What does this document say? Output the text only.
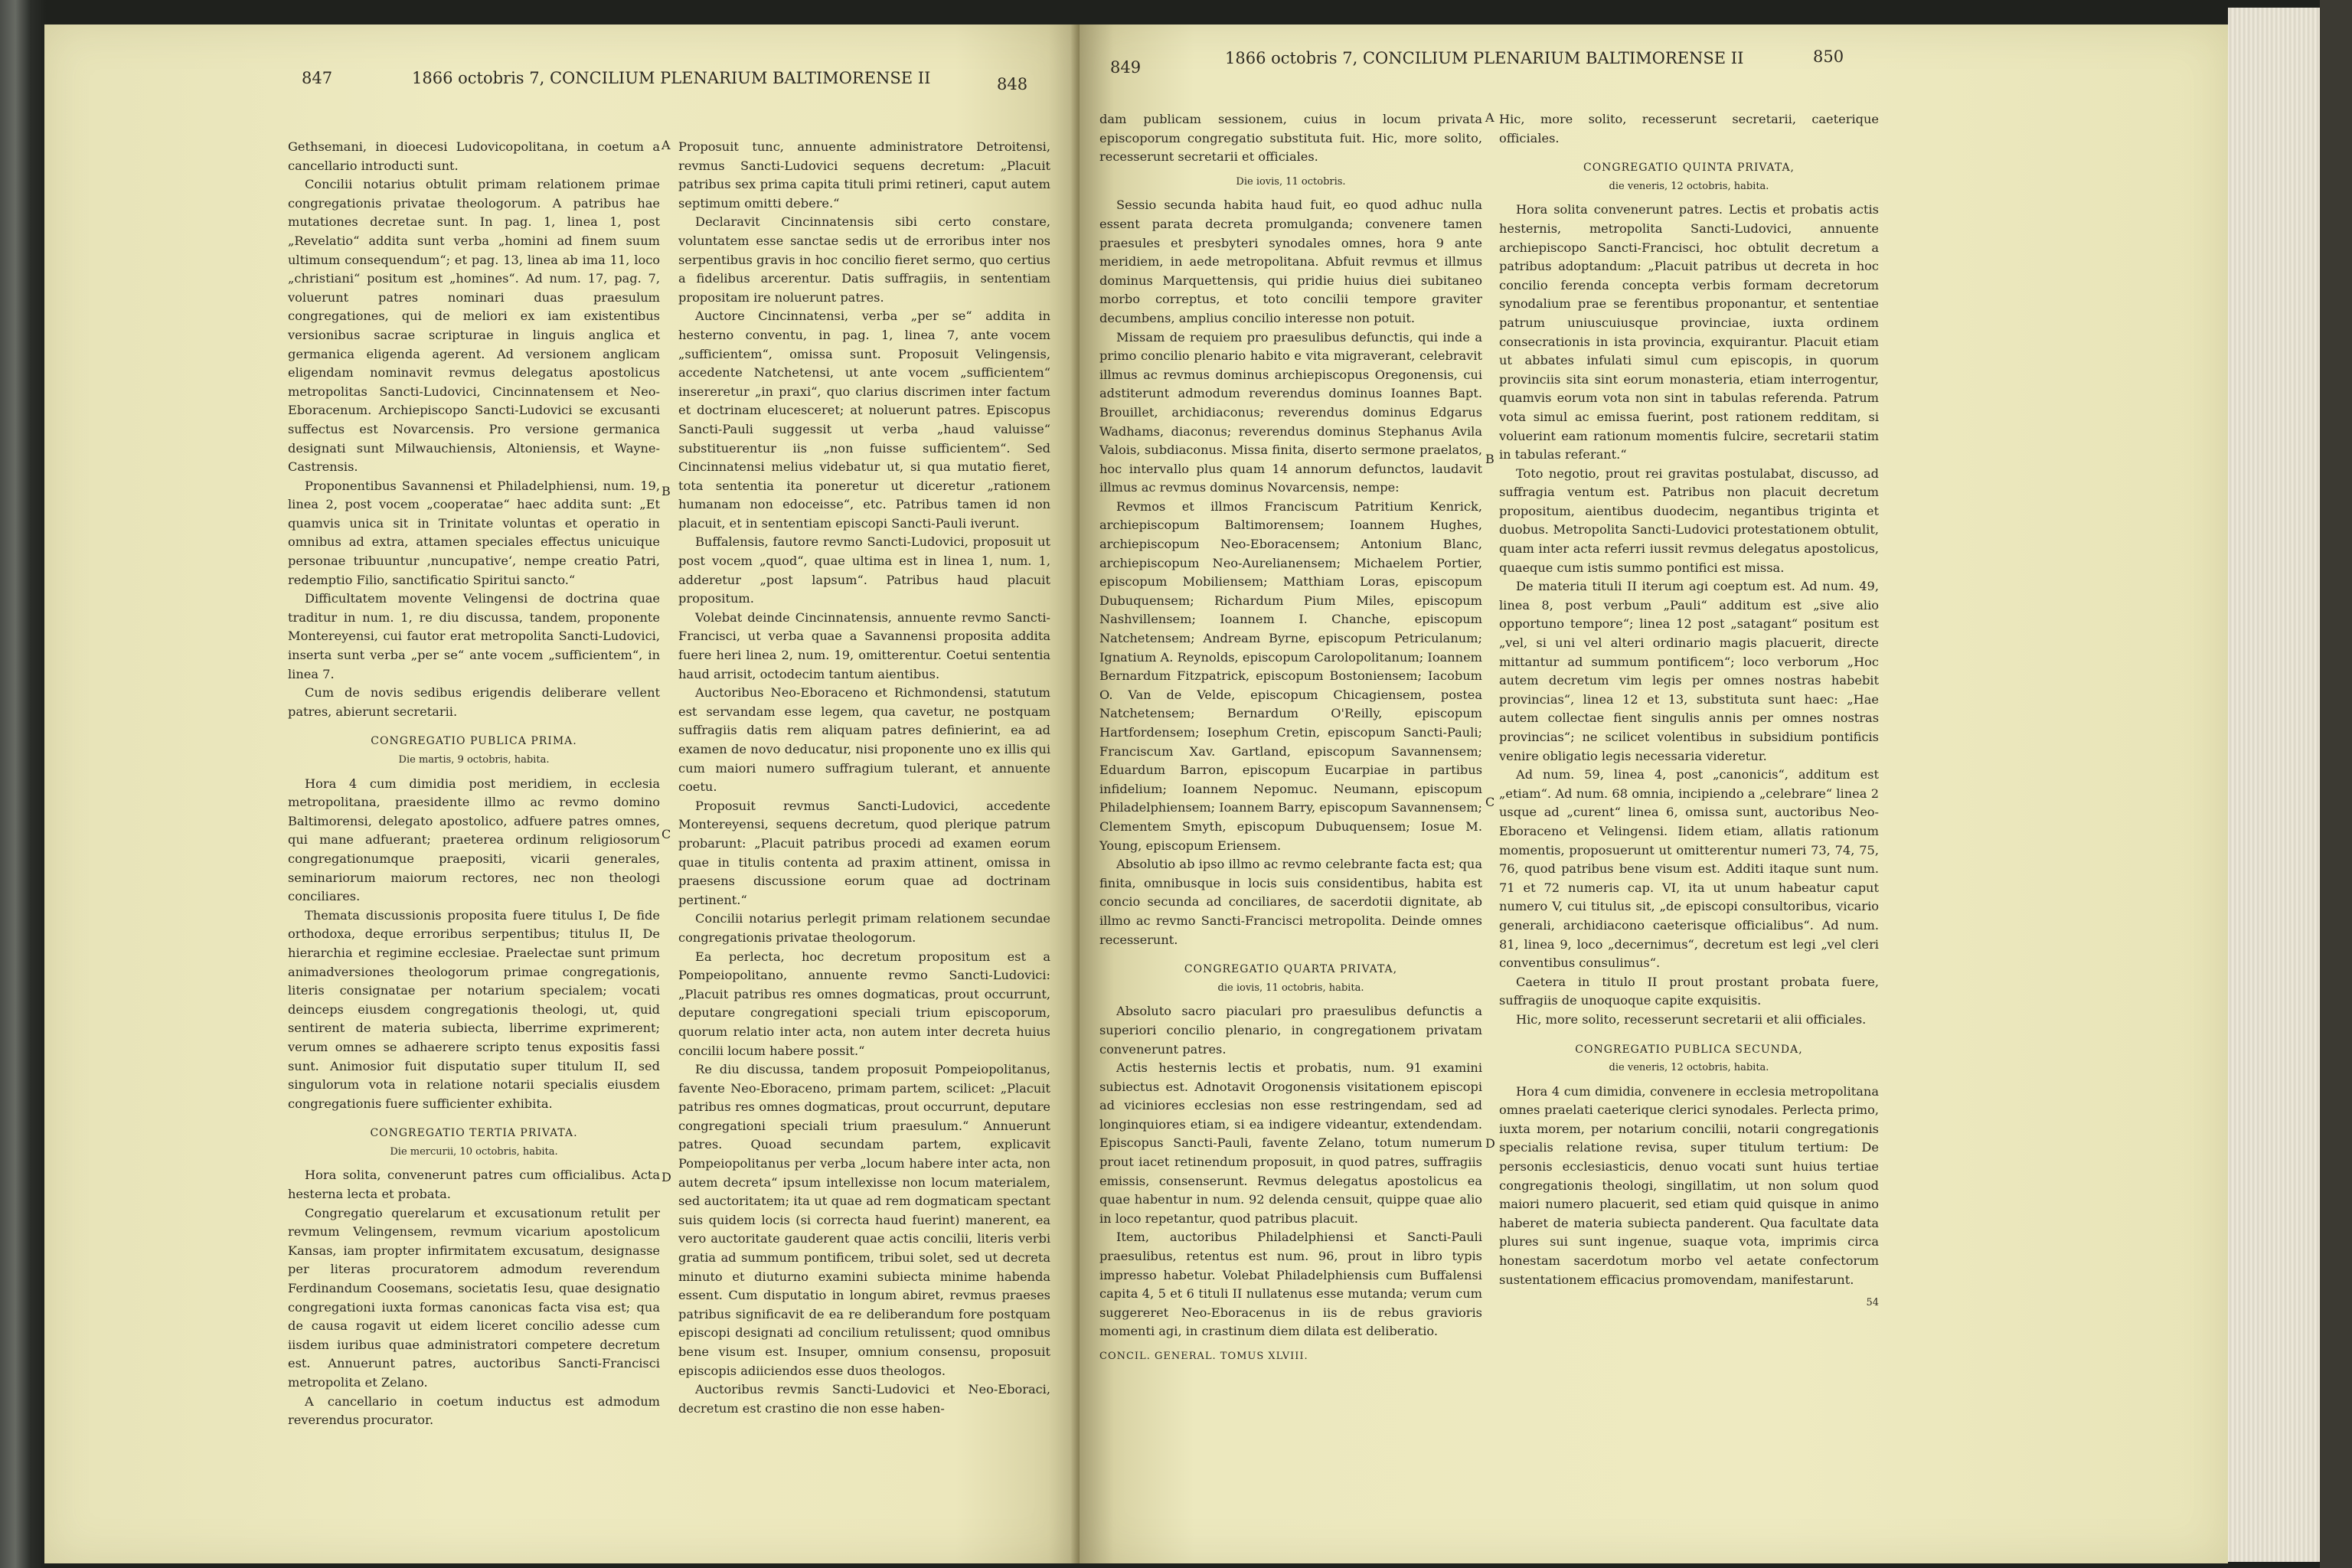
847	1866 octobris 7, CONCILIUM PLENARIUM BALTIMORENSE II	848

Gethsemani, in dioecesi Ludovicopolitana, in coetum a cancellario introducti sunt.

Concilii notarius obtulit primam relationem primae congregationis privatae theologorum. A patribus hae mutationes decretae sunt. In pag. 1, linea 1, post „Revelatio“ addita sunt verba „homini ad finem suum ultimum consequendum“; et pag. 13, linea ab ima 11, loco „christiani“ positum est „homines“. Ad num. 17, pag. 7, voluerunt patres nominari duas praesulum congregationes, qui de meliori ex iam existentibus versionibus sacrae scripturae in linguis anglica et germanica eligenda agerent. Ad versionem anglicam eligendam nominavit revmus delegatus apostolicus metropolitas Sancti-Ludovici, Cincinnatensem et Neo-Eboracenum. Archiepiscopo Sancti-Ludovici se excusanti suffectus est Novarcensis. Pro versione germanica designati sunt Milwauchiensis, Altoniensis, et Wayne-Castrensis.

Proponentibus Savannensi et Philadelphiensi, num. 19, linea 2, post vocem „cooperatae“ haec addita sunt: „Et quamvis unica sit in Trinitate voluntas et operatio in omnibus ad extra, attamen speciales effectus unicuique personae tribuuntur ‚nuncupative‘, nempe creatio Patri, redemptio Filio, sanctificatio Spiritui sancto.“

Difficultatem movente Velingensi de doctrina quae traditur in num. 1, re diu discussa, tandem, proponente Montereyensi, cui fautor erat metropolita Sancti-Ludovici, inserta sunt verba „per se“ ante vocem „sufficientem“, in linea 7.

Cum de novis sedibus erigendis deliberare vellent patres, abierunt secretarii.

CONGREGATIO PUBLICA PRIMA.
Die martis, 9 octobris, habita.

Hora 4 cum dimidia post meridiem, in ecclesia metropolitana, praesidente illmo ac revmo domino Baltimorensi, delegato apostolico, adfuere patres omnes, qui mane adfuerant; praeterea ordinum religiosorum congregationumque praepositi, vicarii generales, seminariorum maiorum rectores, nec non theologi conciliares.

Themata discussionis proposita fuere titulus I, De fide orthodoxa, deque erroribus serpentibus; titulus II, De hierarchia et regimine ecclesiae. Praelectae sunt primum animadversiones theologorum primae congregationis, literis consignatae per notarium specialem; vocati deinceps eiusdem congregationis theologi, ut, quid sentirent de materia subiecta, liberrime exprimerent; verum omnes se adhaerere scripto tenus expositis fassi sunt. Animosior fuit disputatio super titulum II, sed singulorum vota in relatione notarii specialis eiusdem congregationis fuere sufficienter exhibita.

CONGREGATIO TERTIA PRIVATA.
Die mercurii, 10 octobris, habita.

Hora solita, convenerunt patres cum officialibus. Acta hesterna lecta et probata.

Congregatio querelarum et excusationum retulit per revmum Velingensem, revmum vicarium apostolicum Kansas, iam propter infirmitatem excusatum, designasse per literas procuratorem admodum reverendum Ferdinandum Coosemans, societatis Iesu, quae designatio congregationi iuxta formas canonicas facta visa est; qua de causa rogavit ut eidem liceret concilio adesse cum iisdem iuribus quae administratori competere decretum est. Annuerunt patres, auctoribus Sancti-Francisci metropolita et Zelano.

A cancellario in coetum inductus est admodum reverendus procurator.

Proposuit tunc, annuente administratore Detroitensi, revmus Sancti-Ludovici sequens decretum: „Placuit patribus sex prima capita tituli primi retineri, caput autem septimum omitti debere.“

Declaravit Cincinnatensis sibi certo constare, voluntatem esse sanctae sedis ut de erroribus inter nos serpentibus gravis in hoc concilio fieret sermo, quo certius a fidelibus arcerentur. Datis suffragiis, in sententiam propositam ire noluerunt patres.

Auctore Cincinnatensi, verba „per se“ addita in hesterno conventu, in pag. 1, linea 7, ante vocem „sufficientem“, omissa sunt. Proposuit Velingensis, accedente Natchetensi, ut ante vocem „sufficientem“ insereretur „in praxi“, quo clarius discrimen inter factum et doctrinam elucesceret; at noluerunt patres. Episcopus Sancti-Pauli suggessit ut verba „haud valuisse“ substituerentur iis „non fuisse sufficientem“. Sed Cincinnatensi melius videbatur ut, si qua mutatio fieret, tota sententia ita poneretur ut diceretur „rationem humanam non edoceisse“, etc. Patribus tamen id non placuit, et in sententiam episcopi Sancti-Pauli iverunt.

Buffalensis, fautore revmo Sancti-Ludovici, proposuit ut post vocem „quod“, quae ultima est in linea 1, num. 1, adderetur „post lapsum“. Patribus haud placuit propositum.

Volebat deinde Cincinnatensis, annuente revmo Sancti-Francisci, ut verba quae a Savannensi proposita addita fuere heri linea 2, num. 19, omitterentur. Coetui sententia haud arrisit, octodecim tantum aientibus.

Auctoribus Neo-Eboraceno et Richmondensi, statutum est servandam esse legem, qua cavetur, ne postquam suffragiis datis rem aliquam patres definierint, ea ad examen de novo deducatur, nisi proponente uno ex illis qui cum maiori numero suffragium tulerant, et annuente coetu.

Proposuit revmus Sancti-Ludovici, accedente Montereyensi, sequens decretum, quod plerique patrum probarunt: „Placuit patribus procedi ad examen eorum quae in titulis contenta ad praxim attinent, omissa in praesens discussione eorum quae ad doctrinam pertinent.“

Concilii notarius perlegit primam relationem secundae congregationis privatae theologorum.

Ea perlecta, hoc decretum propositum est a Pompeiopolitano, annuente revmo Sancti-Ludovici: „Placuit patribus res omnes dogmaticas, prout occurrunt, deputare congregationi speciali trium episcoporum, quorum relatio inter acta, non autem inter decreta huius concilii locum habere possit.“

Re diu discussa, tandem proposuit Pompeiopolitanus, favente Neo-Eboraceno, primam partem, scilicet: „Placuit patribus res omnes dogmaticas, prout occurrunt, deputare congregationi speciali trium praesulum.“ Annuerunt patres. Quoad secundam partem, explicavit Pompeiopolitanus per verba „locum habere inter acta, non autem decreta“ ipsum intellexisse non locum materialem, sed auctoritatem; ita ut quae ad rem dogmaticam spectant suis quidem locis (si correcta haud fuerint) manerent, ea vero auctoritate gauderent quae actis concilii, literis verbi gratia ad summum pontificem, tribui solet, sed ut decreta minuto et diuturno examini subiecta minime habenda essent. Cum disputatio in longum abiret, revmus praeses patribus significavit de ea re deliberandum fore postquam episcopi designati ad concilium retulissent; quod omnibus bene visum est. Insuper, omnium consensu, proposuit episcopis adiiciendos esse duos theologos.

Auctoribus revmis Sancti-Ludovici et Neo-Eboraci, decretum est crastino die non esse haben-

A
B
C
D
849	1866 octobris 7, CONCILIUM PLENARIUM BALTIMORENSE II	850

dam publicam sessionem, cuius in locum privata episcoporum congregatio substituta fuit. Hic, more solito, recesserunt secretarii et officiales.

Die iovis, 11 octobris.

Sessio secunda habita haud fuit, eo quod adhuc nulla essent parata decreta promulganda; convenere tamen praesules et presbyteri synodales omnes, hora 9 ante meridiem, in aede metropolitana. Abfuit revmus et illmus dominus Marquettensis, qui pridie huius diei subitaneo morbo correptus, et toto concilii tempore graviter decumbens, amplius concilio interesse non potuit.

Missam de requiem pro praesulibus defunctis, qui inde a primo concilio plenario habito e vita migraverant, celebravit illmus ac revmus dominus archiepiscopus Oregonensis, cui adstiterunt admodum reverendus dominus Ioannes Bapt. Brouillet, archidiaconus; reverendus dominus Edgarus Wadhams, diaconus; reverendus dominus Stephanus Avila Valois, subdiaconus. Missa finita, diserto sermone praelatos, hoc intervallo plus quam 14 annorum defunctos, laudavit illmus ac revmus dominus Novarcensis, nempe:

Revmos et illmos Franciscum Patritium Kenrick, archiepiscopum Baltimorensem; Ioannem Hughes, archiepiscopum Neo-Eboracensem; Antonium Blanc, archiepiscopum Neo-Aurelianensem; Michaelem Portier, episcopum Mobiliensem; Matthiam Loras, episcopum Dubuquensem; Richardum Pium Miles, episcopum Nashvillensem; Ioannem I. Chanche, episcopum Natchetensem; Andream Byrne, episcopum Petriculanum; Ignatium A. Reynolds, episcopum Carolopolitanum; Ioannem Bernardum Fitzpatrick, episcopum Bostoniensem; Iacobum O. Van de Velde, episcopum Chicagiensem, postea Natchetensem; Bernardum O'Reilly, episcopum Hartfordensem; Iosephum Cretin, episcopum Sancti-Pauli; Franciscum Xav. Gartland, episcopum Savannensem; Eduardum Barron, episcopum Eucarpiae in partibus infidelium; Ioannem Nepomuc. Neumann, episcopum Philadelphiensem; Ioannem Barry, episcopum Savannensem; Clementem Smyth, episcopum Dubuquensem; Iosue M. Young, episcopum Eriensem.

Absolutio ab ipso illmo ac revmo celebrante facta est; qua finita, omnibusque in locis suis considentibus, habita est concio secunda ad conciliares, de sacerdotii dignitate, ab illmo ac revmo Sancti-Francisci metropolita. Deinde omnes recesserunt.

CONGREGATIO QUARTA PRIVATA,
die iovis, 11 octobris, habita.

Absoluto sacro piaculari pro praesulibus defunctis a superiori concilio plenario, in congregationem privatam convenerunt patres.

Actis hesternis lectis et probatis, num. 91 examini subiectus est. Adnotavit Orogonensis visitationem episcopi ad viciniores ecclesias non esse restringendam, sed ad longinquiores etiam, si ea indigere videantur, extendendam. Episcopus Sancti-Pauli, favente Zelano, totum numerum prout iacet retinendum proposuit, in quod patres, suffragiis emissis, consenserunt. Revmus delegatus apostolicus ea quae habentur in num. 92 delenda censuit, quippe quae alio in loco repetantur, quod patribus placuit.

Item, auctoribus Philadelphiensi et Sancti-Pauli praesulibus, retentus est num. 96, prout in libro typis impresso habetur. Volebat Philadelphiensis cum Buffalensi capita 4, 5 et 6 tituli II nullatenus esse mutanda; verum cum suggereret Neo-Eboracenus in iis de rebus gravioris momenti agi, in crastinum diem dilata est deliberatio.

CONCIL. GENERAL. TOMUS XLVIII.

Hic, more solito, recesserunt secretarii, caeterique officiales.

CONGREGATIO QUINTA PRIVATA,
die veneris, 12 octobris, habita.

Hora solita convenerunt patres. Lectis et probatis actis hesternis, metropolita Sancti-Ludovici, annuente archiepiscopo Sancti-Francisci, hoc obtulit decretum a patribus adoptandum: „Placuit patribus ut decreta in hoc concilio ferenda concepta verbis formam decretorum synodalium prae se ferentibus proponantur, et sententiae patrum uniuscuiusque provinciae, iuxta ordinem consecrationis in ista provincia, exquirantur. Placuit etiam ut abbates infulati simul cum episcopis, in quorum provinciis sita sint eorum monasteria, etiam interrogentur, quamvis eorum vota non sint in tabulas referenda. Patrum vota simul ac emissa fuerint, post rationem redditam, si voluerint eam rationum momentis fulcire, secretarii statim in tabulas referant.“

Toto negotio, prout rei gravitas postulabat, discusso, ad suffragia ventum est. Patribus non placuit decretum propositum, aientibus duodecim, negantibus triginta et duobus. Metropolita Sancti-Ludovici protestationem obtulit, quam inter acta referri iussit revmus delegatus apostolicus, quaeque cum istis summo pontifici est missa.

De materia tituli II iterum agi coeptum est. Ad num. 49, linea 8, post verbum „Pauli“ additum est „sive alio opportuno tempore“; linea 12 post „satagant“ positum est „vel, si uni vel alteri ordinario magis placuerit, directe mittantur ad summum pontificem“; loco verborum „Hoc autem decretum vim legis per omnes nostras habebit provincias“, linea 12 et 13, substituta sunt haec: „Hae autem collectae fient singulis annis per omnes nostras provincias“; ne scilicet volentibus in subsidium pontificis venire obligatio legis necessaria videretur.

Ad num. 59, linea 4, post „canonicis“, additum est „etiam“. Ad num. 68 omnia, incipiendo a „celebrare“ linea 2 usque ad „curent“ linea 6, omissa sunt, auctoribus Neo-Eboraceno et Velingensi. Iidem etiam, allatis rationum momentis, proposuerunt ut omitterentur numeri 73, 74, 75, 76, quod patribus bene visum est. Additi itaque sunt num. 71 et 72 numeris cap. VI, ita ut unum habeatur caput numero V, cui titulus sit, „de episcopi consultoribus, vicario generali, archidiacono caeterisque officialibus“. Ad num. 81, linea 9, loco „decernimus“, decretum est legi „vel cleri conventibus consulimus“.

Caetera in titulo II prout prostant probata fuere, suffragiis de unoquoque capite exquisitis.

Hic, more solito, recesserunt secretarii et alii officiales.

CONGREGATIO PUBLICA SECUNDA,
die veneris, 12 octobris, habita.

Hora 4 cum dimidia, convenere in ecclesia metropolitana omnes praelati caeterique clerici synodales. Perlecta primo, iuxta morem, per notarium concilii, notarii congregationis specialis relatione revisa, super titulum tertium: De personis ecclesiasticis, denuo vocati sunt huius tertiae congregationis theologi, singillatim, ut non solum quod maiori numero placuerit, sed etiam quid quisque in animo haberet de materia subiecta panderent. Qua facultate data plures sui sunt ingenue, suaque vota, imprimis circa honestam sacerdotum morbo vel aetate confectorum sustentationem efficacius promovendam, manifestarunt.

54
A
B
C
D
